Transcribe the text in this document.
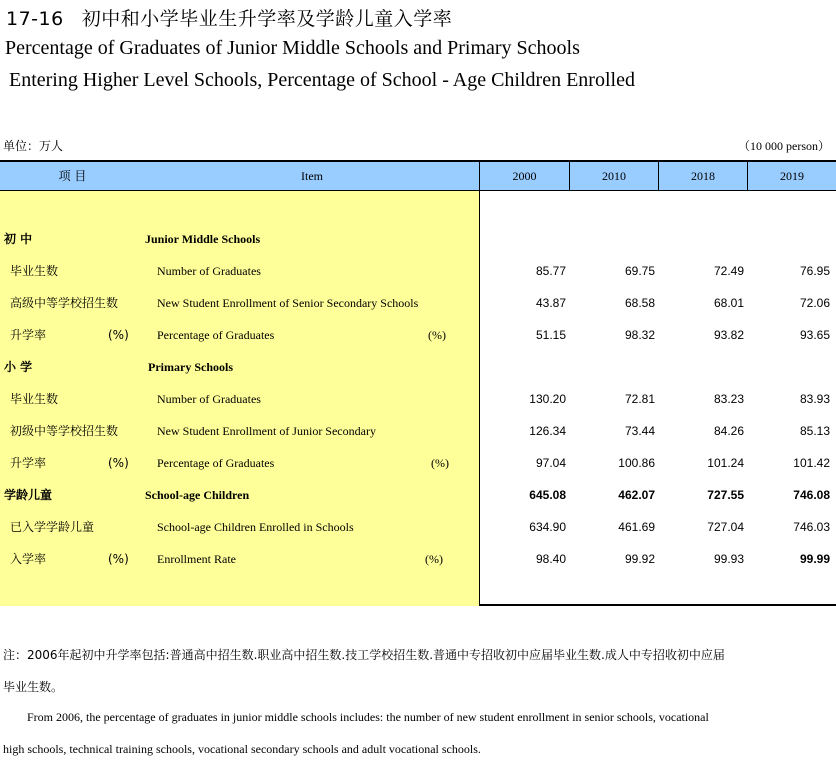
17-16 初中和小学毕业生升学率及学龄儿童入学率
Percentage of Graduates of Junior Middle Schools and Primary Schools
Entering Higher Level Schools, Percentage of School - Age Children Enrolled
单位：万人	（10 000 person）
项 目	Item	2000	2010	2018	2019
初 中	Junior Middle Schools
毕业生数	Number of Graduates	85.77	69.75	72.49	76.95
高级中等学校招生数	New Student Enrollment of Senior Secondary Schools	43.87	68.58	68.01	72.06
升学率	(%) Percentage of Graduates	(%)	51.15	98.32	93.82	93.65
小 学	Primary Schools
毕业生数	Number of Graduates	130.20	72.81	83.23	83.93
初级中等学校招生数	New Student Enrollment of Junior Secondary	126.34	73.44	84.26	85.13
升学率	(%) Percentage of Graduates	(%)	97.04	100.86	101.24	101.42
学龄儿童	School-age Children	645.08	462.07	727.55	746.08
已入学学龄儿童	School-age Children Enrolled in Schools	634.90	461.69	727.04	746.03
入学率	(%) Enrollment Rate	(%)	98.40	99.92	99.93	99.99
注：2006年起初中升学率包括:普通高中招生数.职业高中招生数.技工学校招生数.普通中专招收初中应届毕业生数.成人中专招收初中应届
毕业生数。
From 2006, the percentage of graduates in junior middle schools includes: the number of new student enrollment in senior schools, vocational
high schools, technical training schools, vocational secondary schools and adult vocational schools.
